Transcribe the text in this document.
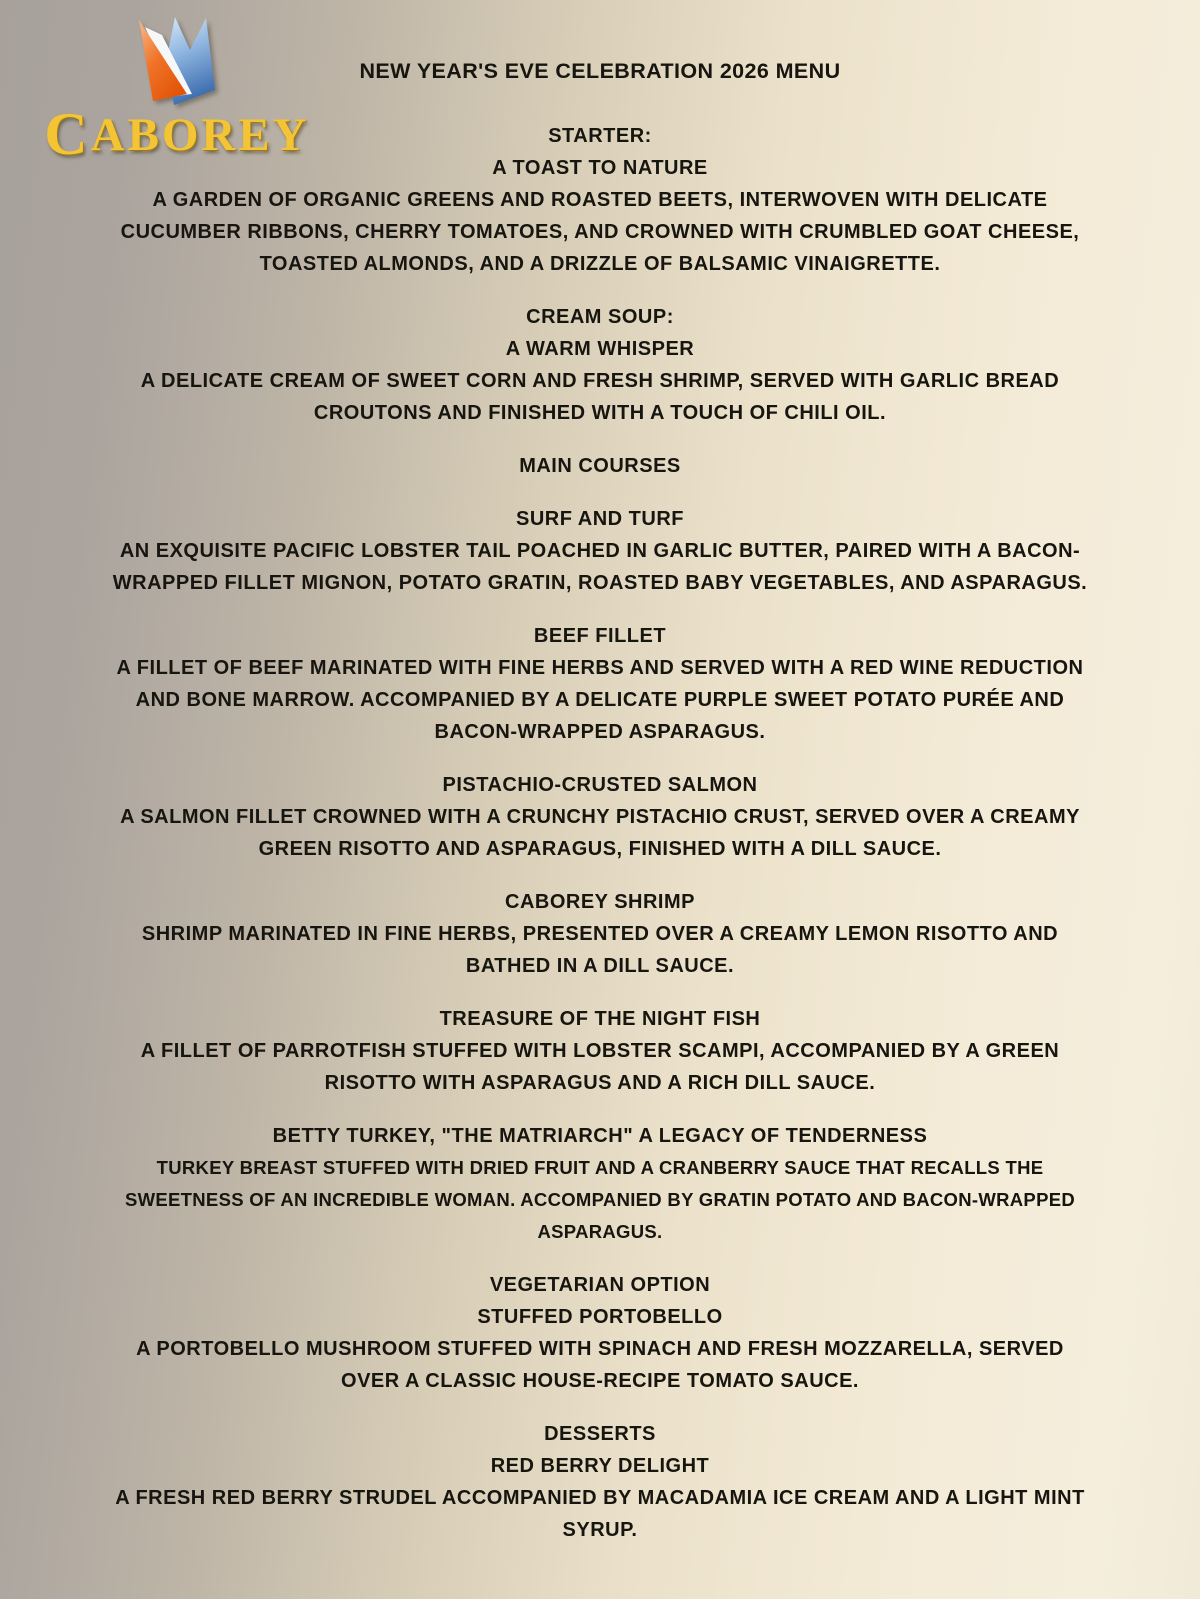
CABOREY
NEW YEAR'S EVE CELEBRATION 2026 MENU
STARTER:
A TOAST TO NATURE
A GARDEN OF ORGANIC GREENS AND ROASTED BEETS, INTERWOVEN WITH DELICATE
CUCUMBER RIBBONS, CHERRY TOMATOES, AND CROWNED WITH CRUMBLED GOAT CHEESE,
TOASTED ALMONDS, AND A DRIZZLE OF BALSAMIC VINAIGRETTE.
CREAM SOUP:
A WARM WHISPER
A DELICATE CREAM OF SWEET CORN AND FRESH SHRIMP, SERVED WITH GARLIC BREAD
CROUTONS AND FINISHED WITH A TOUCH OF CHILI OIL.
MAIN COURSES
SURF AND TURF
AN EXQUISITE PACIFIC LOBSTER TAIL POACHED IN GARLIC BUTTER, PAIRED WITH A BACON-
WRAPPED FILLET MIGNON, POTATO GRATIN, ROASTED BABY VEGETABLES, AND ASPARAGUS.
BEEF FILLET
A FILLET OF BEEF MARINATED WITH FINE HERBS AND SERVED WITH A RED WINE REDUCTION
AND BONE MARROW. ACCOMPANIED BY A DELICATE PURPLE SWEET POTATO PURÉE AND
BACON-WRAPPED ASPARAGUS.
PISTACHIO-CRUSTED SALMON
A SALMON FILLET CROWNED WITH A CRUNCHY PISTACHIO CRUST, SERVED OVER A CREAMY
GREEN RISOTTO AND ASPARAGUS, FINISHED WITH A DILL SAUCE.
CABOREY SHRIMP
SHRIMP MARINATED IN FINE HERBS, PRESENTED OVER A CREAMY LEMON RISOTTO AND
BATHED IN A DILL SAUCE.
TREASURE OF THE NIGHT FISH
A FILLET OF PARROTFISH STUFFED WITH LOBSTER SCAMPI, ACCOMPANIED BY A GREEN
RISOTTO WITH ASPARAGUS AND A RICH DILL SAUCE.
BETTY TURKEY, "THE MATRIARCH" A LEGACY OF TENDERNESS
TURKEY BREAST STUFFED WITH DRIED FRUIT AND A CRANBERRY SAUCE THAT RECALLS THE
SWEETNESS OF AN INCREDIBLE WOMAN. ACCOMPANIED BY GRATIN POTATO AND BACON-WRAPPED
ASPARAGUS.
VEGETARIAN OPTION
STUFFED PORTOBELLO
A PORTOBELLO MUSHROOM STUFFED WITH SPINACH AND FRESH MOZZARELLA, SERVED
OVER A CLASSIC HOUSE-RECIPE TOMATO SAUCE.
DESSERTS
RED BERRY DELIGHT
A FRESH RED BERRY STRUDEL ACCOMPANIED BY MACADAMIA ICE CREAM AND A LIGHT MINT
SYRUP.
